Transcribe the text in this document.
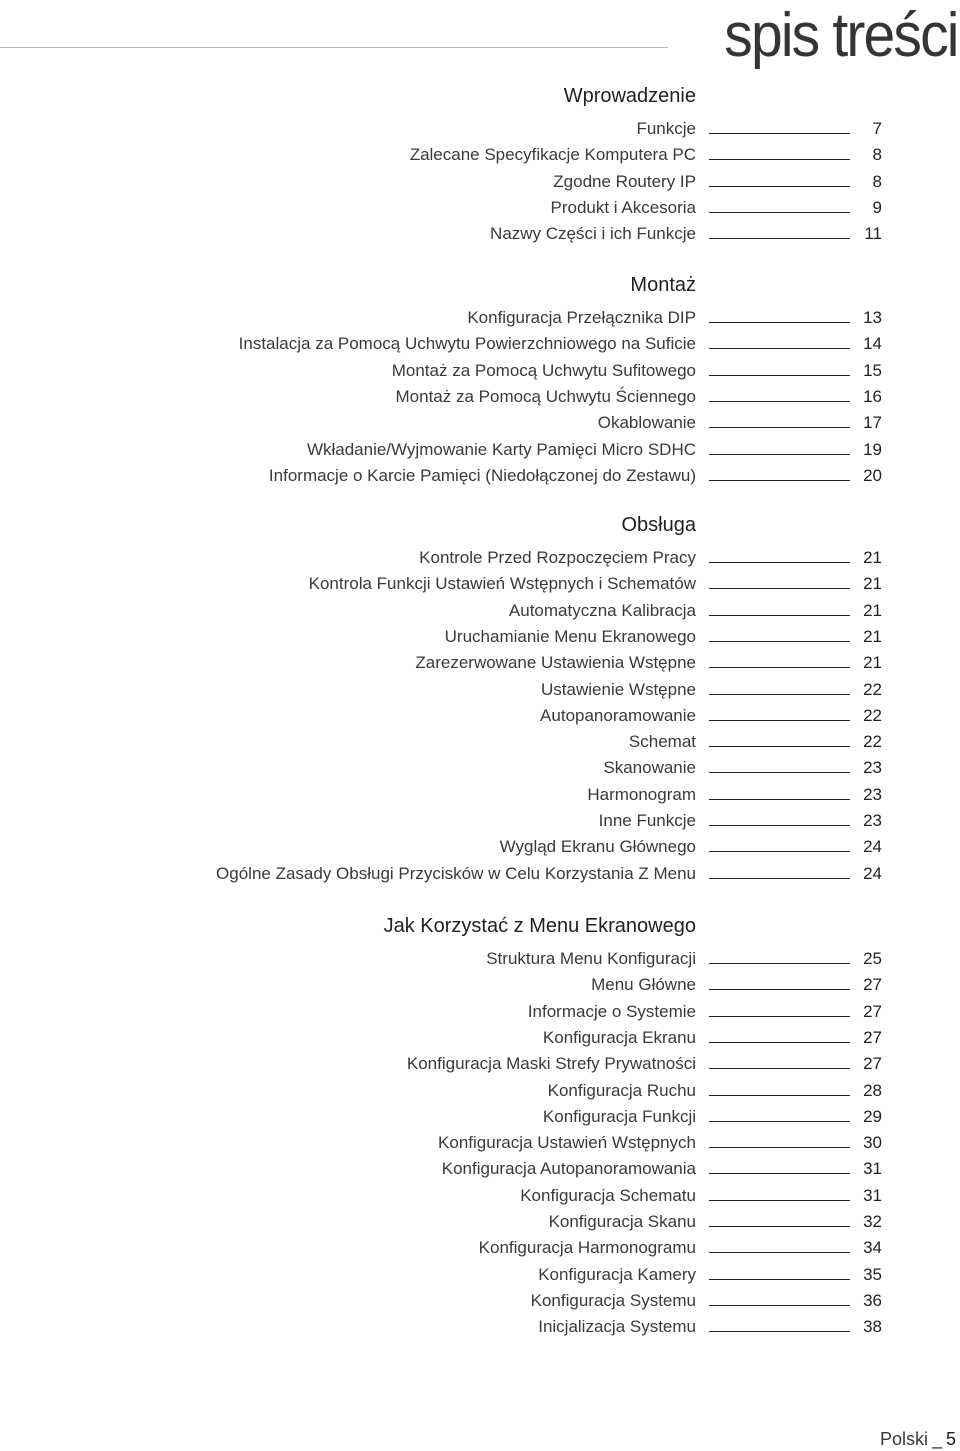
spis treści
Wprowadzenie
Funkcje	7
Zalecane Specyfikacje Komputera PC	8
Zgodne Routery IP	8
Produkt i Akcesoria	9
Nazwy Części i ich Funkcje	11
Montaż
Konfiguracja Przełącznika DIP	13
Instalacja za Pomocą Uchwytu Powierzchniowego na Suficie	14
Montaż za Pomocą Uchwytu Sufitowego	15
Montaż za Pomocą Uchwytu Ściennego	16
Okablowanie	17
Wkładanie/Wyjmowanie Karty Pamięci Micro SDHC	19
Informacje o Karcie Pamięci (Niedołączonej do Zestawu)	20
Obsługa
Kontrole Przed Rozpoczęciem Pracy	21
Kontrola Funkcji Ustawień Wstępnych i Schematów	21
Automatyczna Kalibracja	21
Uruchamianie Menu Ekranowego	21
Zarezerwowane Ustawienia Wstępne	21
Ustawienie Wstępne	22
Autopanoramowanie	22
Schemat	22
Skanowanie	23
Harmonogram	23
Inne Funkcje	23
Wygląd Ekranu Głównego	24
Ogólne Zasady Obsługi Przycisków w Celu Korzystania Z Menu	24
Jak Korzystać z Menu Ekranowego
Struktura Menu Konfiguracji	25
Menu Główne	27
Informacje o Systemie	27
Konfiguracja Ekranu	27
Konfiguracja Maski Strefy Prywatności	27
Konfiguracja Ruchu	28
Konfiguracja Funkcji	29
Konfiguracja Ustawień Wstępnych	30
Konfiguracja Autopanoramowania	31
Konfiguracja Schematu	31
Konfiguracja Skanu	32
Konfiguracja Harmonogramu	34
Konfiguracja Kamery	35
Konfiguracja Systemu	36
Inicjalizacja Systemu	38
Polski _ 5
